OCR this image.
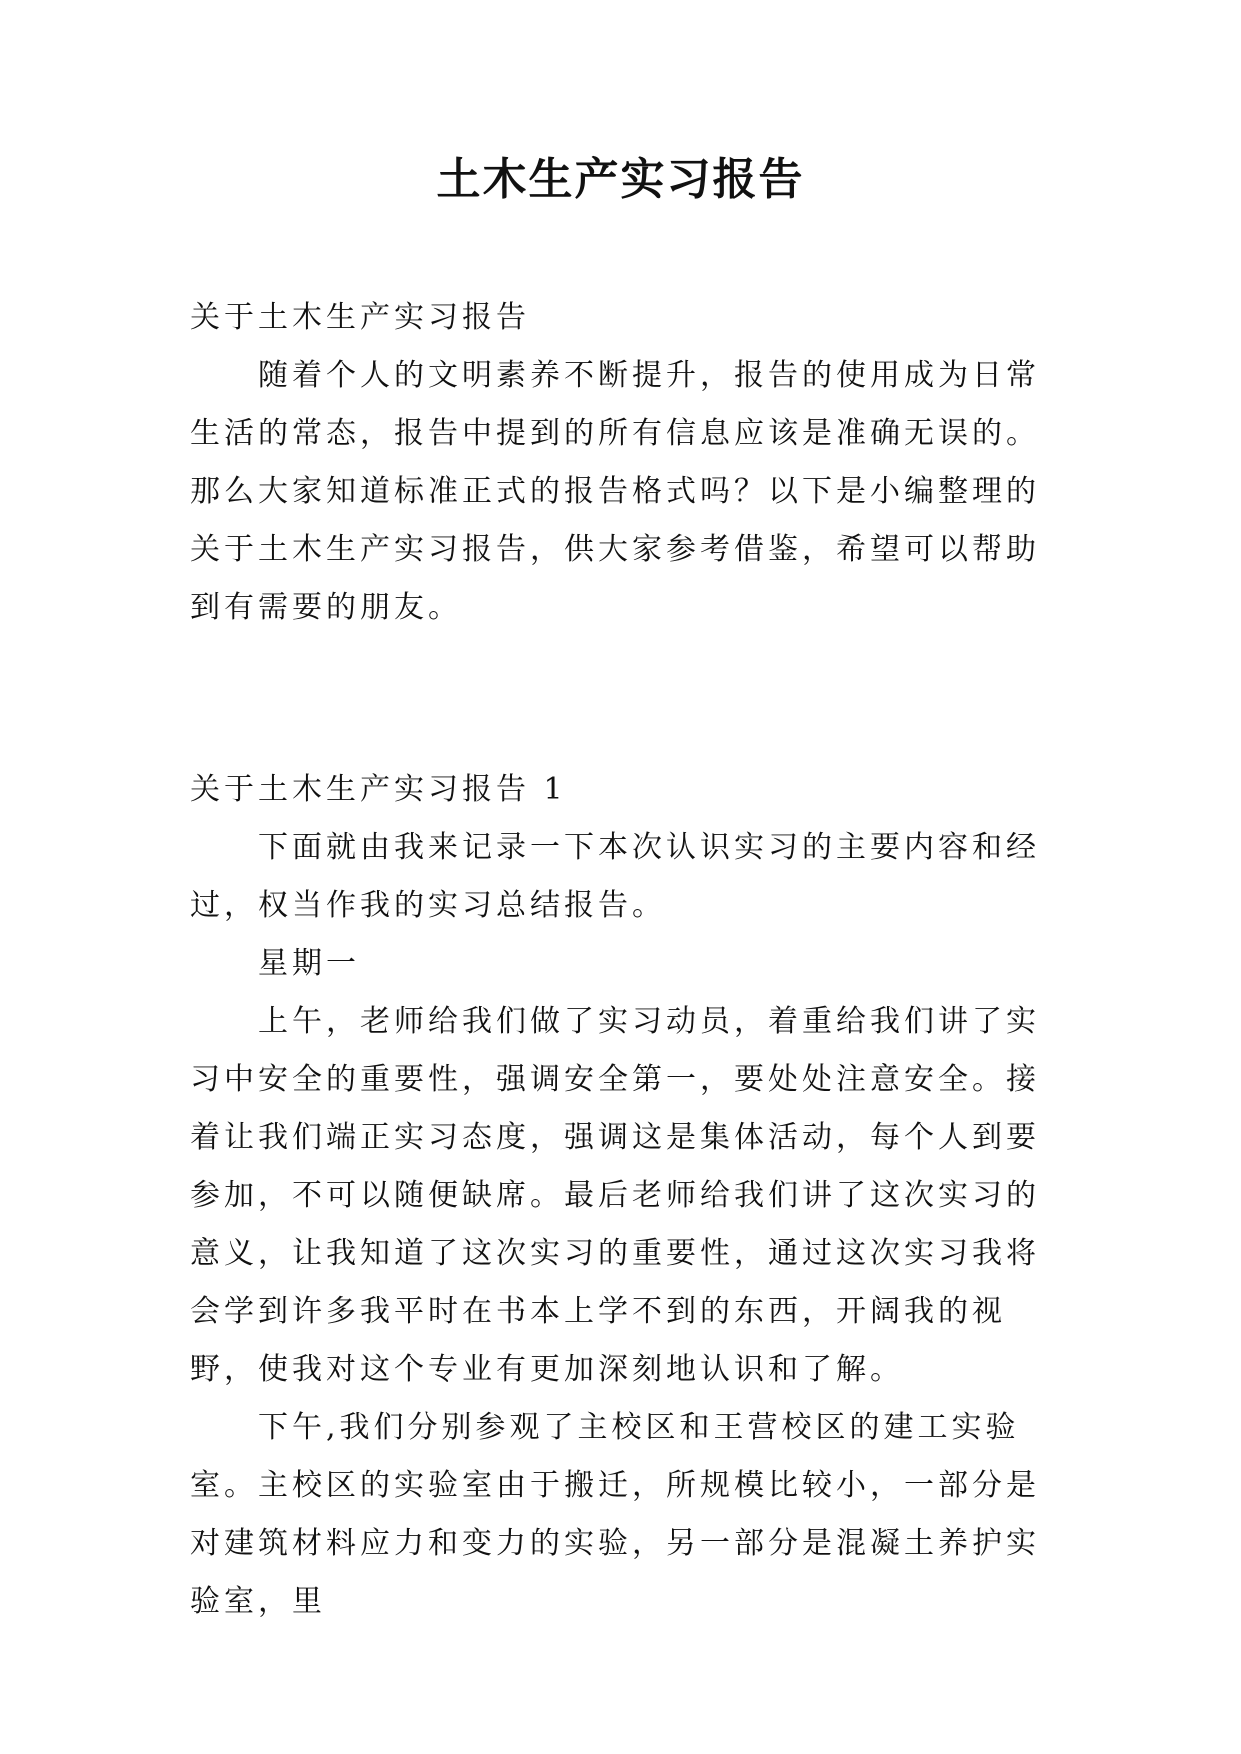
土木生产实习报告

关于土木生产实习报告

随着个人的文明素养不断提升，报告的使用成为日常生活的常态，报告中提到的所有信息应该是准确无误的。那么大家知道标准正式的报告格式吗？以下是小编整理的关于土木生产实习报告，供大家参考借鉴，希望可以帮助到有需要的朋友。

关于土木生产实习报告 1

下面就由我来记录一下本次认识实习的主要内容和经过，权当作我的实习总结报告。

星期一

上午，老师给我们做了实习动员，着重给我们讲了实习中安全的重要性，强调安全第一，要处处注意安全。接着让我们端正实习态度，强调这是集体活动，每个人到要参加，不可以随便缺席。最后老师给我们讲了这次实习的意义，让我知道了这次实习的重要性，通过这次实习我将会学到许多我平时在书本上学不到的东西，开阔我的视野，使我对这个专业有更加深刻地认识和了解。

下午,我们分别参观了主校区和王营校区的建工实验室。主校区的实验室由于搬迁，所规模比较小，一部分是对建筑材料应力和变力的实验，另一部分是混凝土养护实验室，里
